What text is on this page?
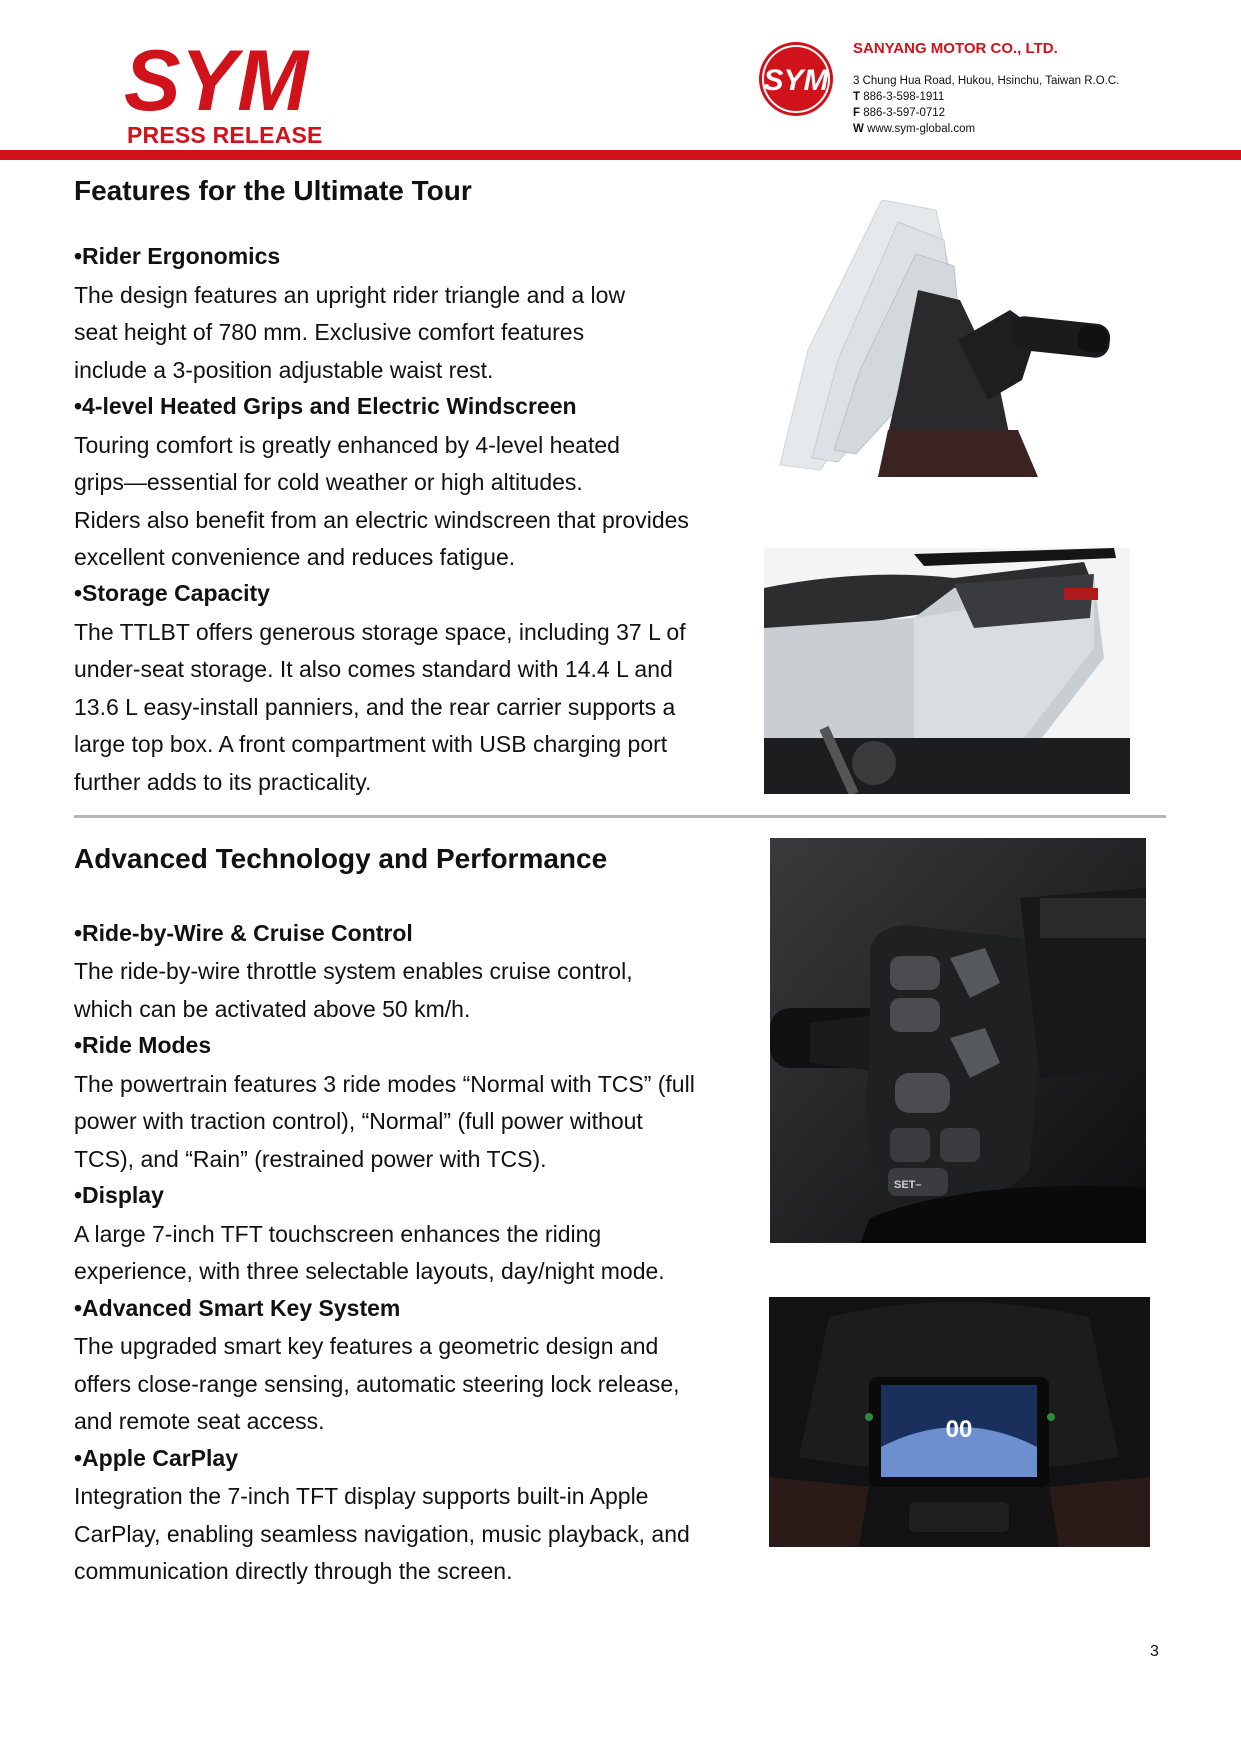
SYM
PRESS RELEASE
SYM
SANYANG MOTOR CO., LTD.
3 Chung Hua Road, Hukou, Hsinchu, Taiwan R.O.C.
T 886-3-598-1911
F 886-3-597-0712
W www.sym-global.com
Features for the Ultimate Tour
•Rider Ergonomics
The design features an upright rider triangle and a low
seat height of 780 mm. Exclusive comfort features
include a 3-position adjustable waist rest.
•4-level Heated Grips and Electric Windscreen
Touring comfort is greatly enhanced by 4-level heated
grips—essential for cold weather or high altitudes.
Riders also benefit from an electric windscreen that provides
excellent convenience and reduces fatigue.
•Storage Capacity
The TTLBT offers generous storage space, including 37 L of
under-seat storage. It also comes standard with 14.4 L and
13.6 L easy-install panniers, and the rear carrier supports a
large top box. A front compartment with USB charging port
further adds to its practicality.
Advanced Technology and Performance
•Ride-by-Wire & Cruise Control
The ride-by-wire throttle system enables cruise control,
which can be activated above 50 km/h.
•Ride Modes
The powertrain features 3 ride modes “Normal with TCS” (full
power with traction control), “Normal” (full power without
TCS), and “Rain” (restrained power with TCS).
•Display
A large 7-inch TFT touchscreen enhances the riding
experience, with three selectable layouts, day/night mode.
•Advanced Smart Key System
The upgraded smart key features a geometric design and
offers close-range sensing, automatic steering lock release,
and remote seat access.
•Apple CarPlay
Integration the 7-inch TFT display supports built-in Apple
CarPlay, enabling seamless navigation, music playback, and
communication directly through the screen.
SET–
00
3
